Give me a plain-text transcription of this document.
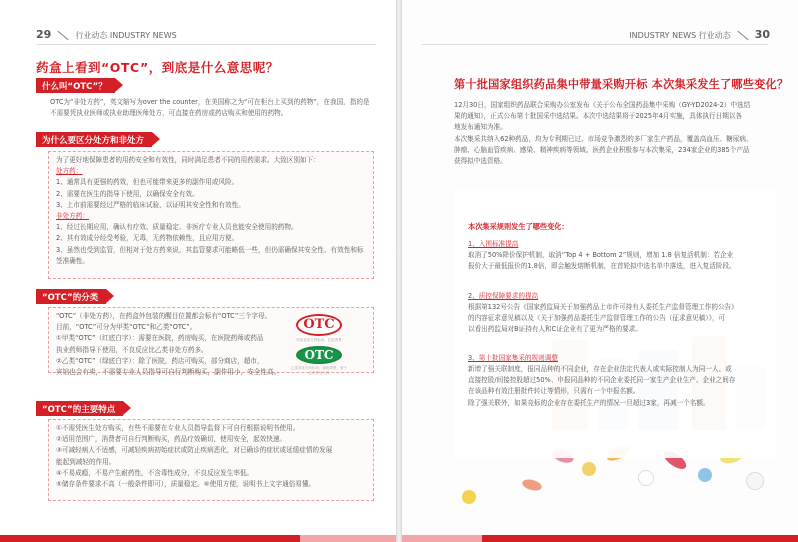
29	行业动态 INDUSTRY NEWS
药盒上看到“OTC”，到底是什么意思呢？
什么叫“OTC”？
OTC为“非处方药”，英文缩写为over the counter，在美国称之为“可在柜台上买到的药物”，在我国，指的是不需要凭执业医师或执业助理医师处方，可直接在药房或药店购买和使用的药物。
为什么要区分处方和非处方
为了更好地保障患者的用药安全和有效性，同时满足患者不同的用药需求。大致区别如下：
处方药：
1、通常具有更强的药效，但也可能带来更多的副作用或风险。
2、需要在医生的指导下使用，以确保安全有效。
3、上市前需要经过严格的临床试验，以证明其安全性和有效性。
非处方药：
1、经过长期应用，确认有疗效、质量稳定、非医疗专业人员也能安全使用的药物。
2、其有效成分经受考验，无毒，无药物依赖性，且应用方便。
3、虽然也受到监管，但相对于处方药来说，其监管要求可能略低一些，但仍需确保其安全性、有效性和标签准确性。
“OTC”的分类
“OTC”（非处方药），在药盒外包装的醒目位置都会标有“OTC”三个字母。
目前，“OTC”可分为甲类“OTC”和乙类“OTC”。
①甲类“OTC”（红底白字）：需要在医院，药房购买，在医院药师或药品
执业药师指导下使用，不良反应比乙类非处方药多。
②乙类“OTC”（绿底白字）：除了医院，药店可购买，部分商店，超市，
宾馆也会有卖，不需要专业人员指导可自行判断购买，副作用小，安全性高。
OTC
甲类非处方药标识，红色背景
OTC
乙类非处方药标识，绿色背景，用于乙类非处方药
“OTC”的主要特点
①不需凭医生处方购买，有些不需要在专业人员指导监督下可自行根据说明书使用。
②适用范围广，消费者可自行判断购买，药品疗效确切，使用安全，起效快速。
③可减轻病人不适感，可减轻疾病初始症状或防止疾病恶化，对已确诊的症状或延缓症情的发展
能起到减轻的作用。
④不易成瘾，不易产生耐药性，不含毒性成分，不良反应发生率低。
⑤储存条件要求不高（一般条件即可），质量稳定。⑥使用方便，说明书上文字通俗易懂。
INDUSTRY NEWS 行业动态 30
第十批国家组织药品集中带量采购开标 本次集采发生了哪些变化？
12月30日，国家组织药品联合采购办公室发布《关于公布全国药品集中采购（GY-YD2024-2）中选结
果的通知》，正式公布第十批国采中选结果。本次中选结果将于2025年4月实施，具体执行日期以各
地发布通知为准。
本次集采共纳入62种药品，均为专利期已过、市场竞争激烈的多厂家生产药品，覆盖高血压、糖尿病、
肿瘤、心脑血管疾病、感染、精神疾病等领域。医药企业积极参与本次集采，234家企业的385个产品
获得拟中选资格。
本次集采规则发生了哪些变化：
1、入围标准提高
取消了50%降价保护机制，取消“Top 4 + Bottom 2”规则，增加 1.8 倍复活机制：若企业
报价大于最低报价的1.8倍，即会触发熔断机制，在首轮拟中选名单中落选，进入复活阶段。
2、质控保障要求的提高
根据第132号公告《国家药监局关于加强药品上市许可持有人委托生产监督管理工作的公告》
的内容征求意见稿以及《关于加强药品委托生产监督管理工作的公告（征求意见稿）》，可
以看出药监局对B证持有人和C证企业有了更为严格的要求。
3、第十批国家集采的规则调整
新增了强关联制度，报同品种的不同企业，存在企业法定代表人或实际控制人为同一人、或
直接控股/间接控股超过50%、申报同品种的不同企业委托同一家生产企业生产、企业之间存
在该品种有效注册批件转让等情形，只需有一个申报名额。
除了强关联外，如果竞标的企业存在委托生产的情况一旦超过3家，再减一个名额。
